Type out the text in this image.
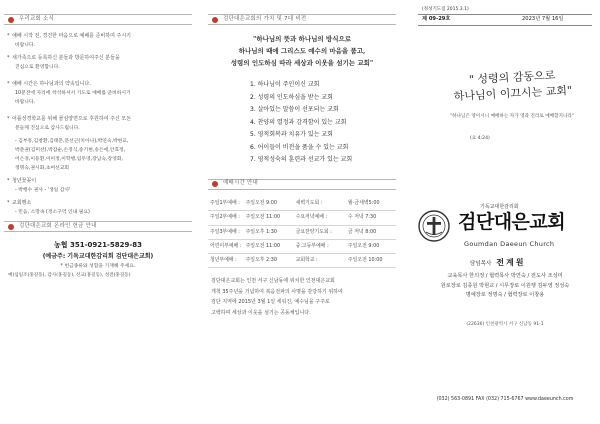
우리교회 소식
* 예배 시작 전, 경건한 마음으로 예배를 준비하여 주시기
바랍니다.
* 새가족으로 등록하신 분들과 방문하여주신 분들을
진심으로 환영합니다.
* 예배 시간은 하나님과의 약속입니다.
10분전에 자리에 착석하셔서 기도로 예배를 준비하시기
바랍니다.
* 어플성경학교를 위해 물심양면으로 후원하여 주신 모든
분들께 진심으로 감사드립니다.
- 김부흥,김창환,김태문,문선근(치아나),박연숙,박현교,
박춘권(김미선),박갑순,손정식,송기현,송은애,안효정,
어은경,이동환,이미정,이학행,임두영,장남숙,장영화,
정명숙,권시화,초여선교회
* 청년꽃꽂이
- 박행수 권사 - '생일 감사'
* 교회행소
- 민음, 소망속 (정소구역 인내 필요)
검단대은교회 온라인 헌금 안내
농협 351-0921-5829-83
(예금주: 기독교대한감리회 검단대은교회)
* 헌금종류와 성함을 기재해 주세요.
예)십일조(홍길동), 감사(홍길동), 선교(홍길동), 성전(홍길동)
검단대은교회의 가치 및 7대 비전
"하나님의 뜻과 하나님의 방식으로
하나님의 때에 그리스도 예수의 마음을 품고,
성령의 인도하심 따라 세상과 이웃을 섬기는 교회"
1. 하나님이 주인이신 교회
2. 성령의 인도하심을 받는 교회
3. 살아있는 말씀이 선포되는 교회
4. 찬양의 열정과 감격함이 있는 교회
5. 영적회복과 치유가 있는 교회
6. 어이들이 비전을 품을 수 있는 교회
7. 영적성숙의 훈련과 선교가 있는 교회
예배시간 안내
주일1부예배 :	주일오전 9:00	새벽기도회 :	월-금새벽5:00
주일2부예배 :	주일오전 11:00	수요저녁예배 :	수 저녁 7:30
주일3부예배 :	주일오후 1:30	금요찬양기도회 :	금 저녁 8:00
어린이부예배 :	주일오전 11:00	중.고등부예배 :	주일오전 9:00
청년부예배 :	주일오후 2:30	교회학교 :	주일오전 10:00
검단대은교회는 인천 서구 신남동에 위치한 인천대은교회
개척 35주년을 기념하여 복음전파의 사명을 감당하기 위하여
검단 지역에 2015년 3월 1일 세워진, 예수님을 구주로
고백하며 세상과 이웃을 섬기는 공동체입니다.
(정성기도집 2015.3.1)
제 09-29호	2023년 7월 16일
" 성령의 감동으로
하나님이 이끄시는 교회"
"하나님은 영이시니 예배하는 자가 영과 진리로 예배할지니라"
(요 4:24)
기독교대한감리회
검단대은교회
Goumdan Daeeun Church
담임목사 전계원
교육목사 한의정 / 협력목사 박연숙 / 전도사 조성미
원로장로 김종원 박현교 / 시무장로 이원행 김두영 정성숙
명예장로 정명숙 / 협력장로 이창용
(22636) 인천광역시 서구 신남동 91-1
(032) 563-0891 FAX (032) 715-6767 www.daeeunch.com
